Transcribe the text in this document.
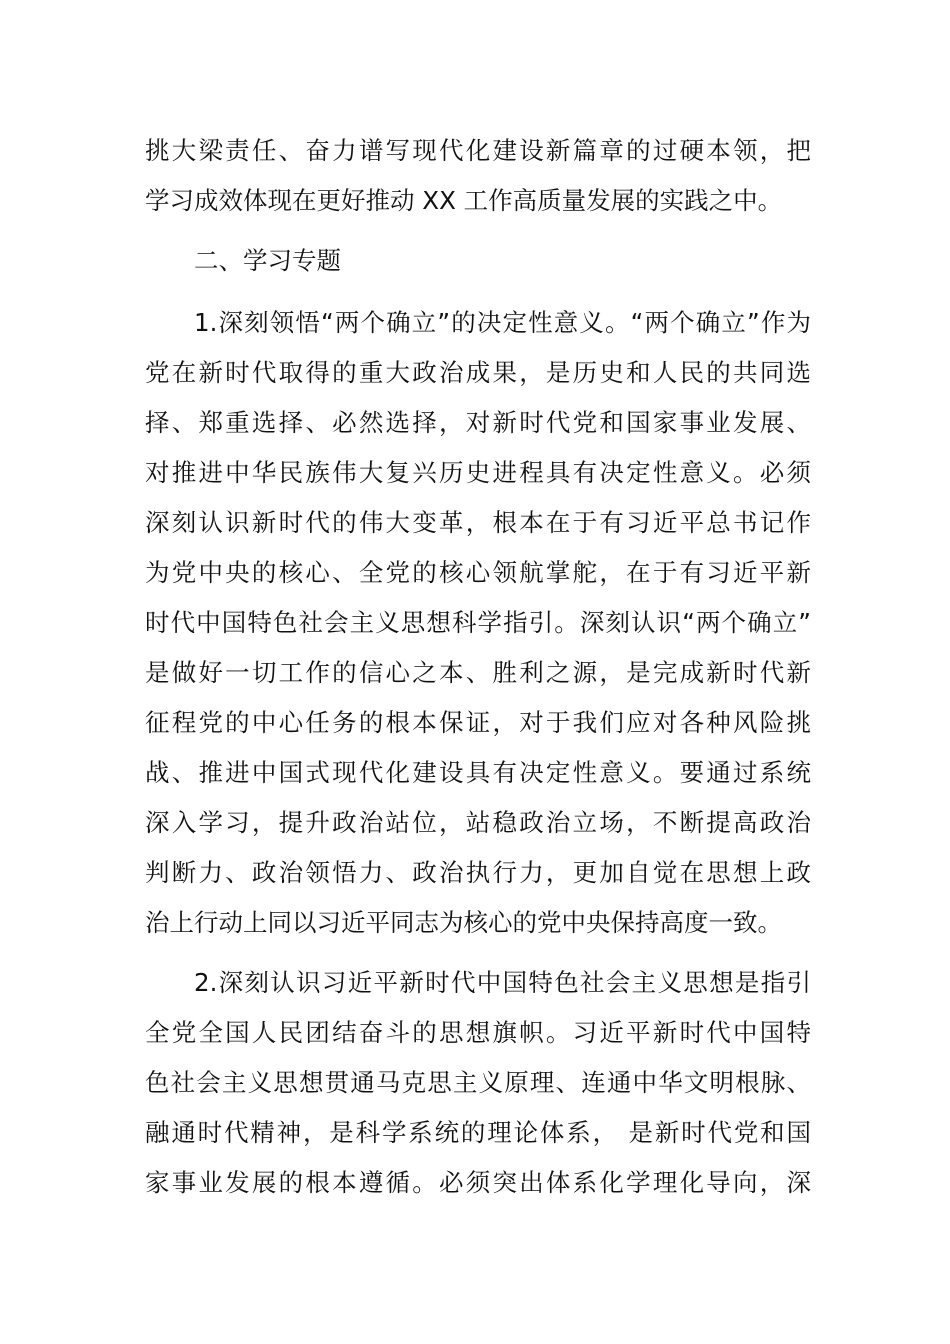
挑大梁责任、奋力谱写现代化建设新篇章的过硬本领，把
学习成效体现在更好推动 XX 工作高质量发展的实践之中。
二、学习专题
1.深刻领悟“两个确立”的决定性意义。“两个确立”作为
党在新时代取得的重大政治成果，是历史和人民的共同选
择、郑重选择、必然选择，对新时代党和国家事业发展、
对推进中华民族伟大复兴历史进程具有决定性意义。必须
深刻认识新时代的伟大变革，根本在于有习近平总书记作
为党中央的核心、全党的核心领航掌舵，在于有习近平新
时代中国特色社会主义思想科学指引。深刻认识“两个确立”
是做好一切工作的信心之本、胜利之源，是完成新时代新
征程党的中心任务的根本保证，对于我们应对各种风险挑
战、推进中国式现代化建设具有决定性意义。要通过系统
深入学习，提升政治站位，站稳政治立场，不断提高政治
判断力、政治领悟力、政治执行力，更加自觉在思想上政
治上行动上同以习近平同志为核心的党中央保持高度一致。
2.深刻认识习近平新时代中国特色社会主义思想是指引
全党全国人民团结奋斗的思想旗帜。习近平新时代中国特
色社会主义思想贯通马克思主义原理、连通中华文明根脉、
融通时代精神，是科学系统的理论体系， 是新时代党和国
家事业发展的根本遵循。必须突出体系化学理化导向，深
